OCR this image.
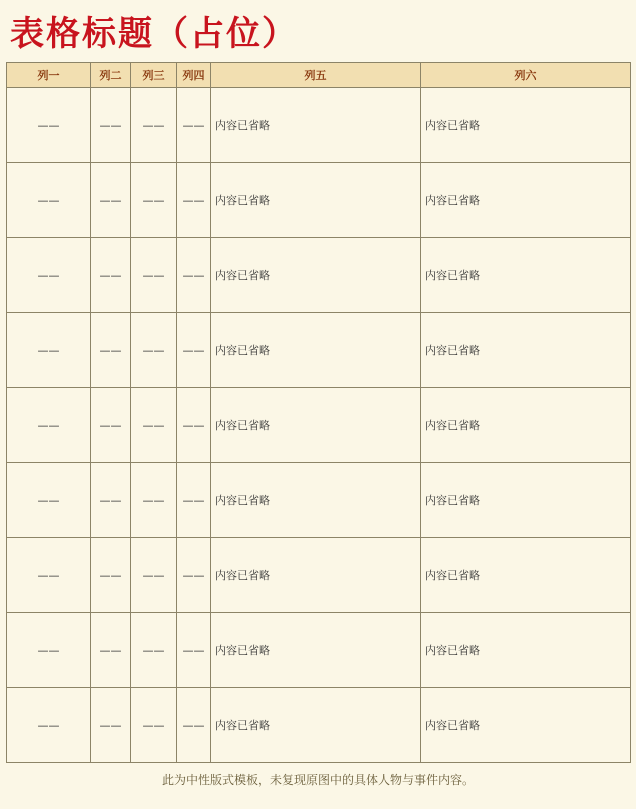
表格标题（占位）
列一	列二	列三	列四	列五	列六
——	——	——	——	内容已省略	内容已省略
——	——	——	——	内容已省略	内容已省略
——	——	——	——	内容已省略	内容已省略
——	——	——	——	内容已省略	内容已省略
——	——	——	——	内容已省略	内容已省略
——	——	——	——	内容已省略	内容已省略
——	——	——	——	内容已省略	内容已省略
——	——	——	——	内容已省略	内容已省略
——	——	——	——	内容已省略	内容已省略
此为中性版式模板，未复现原图中的具体人物与事件内容。
